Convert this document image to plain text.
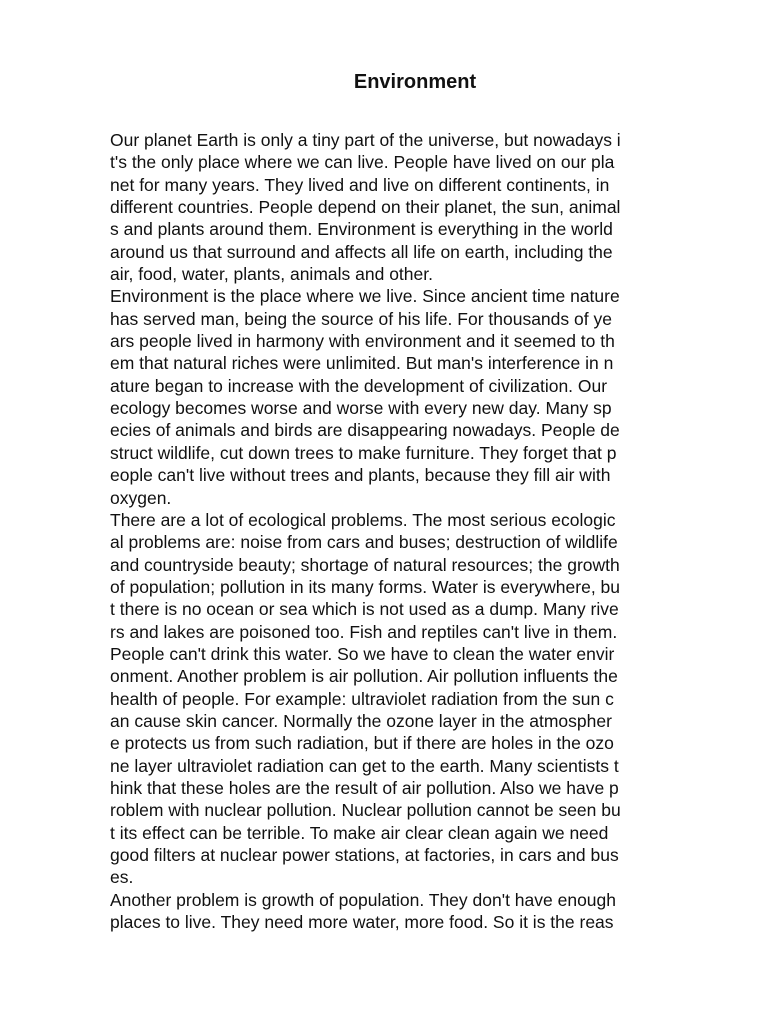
Environment
Our planet Earth is only a tiny part of the universe, but nowadays i
t's the only place where we can live. People have lived on our pla
net for many years. They lived and live on different continents, in
different countries. People depend on their planet, the sun, animal
s and plants around them. Environment is everything in the world
around us that surround and affects all life on earth, including the
air, food, water, plants, animals and other.
Environment is the place where we live. Since ancient time nature
has served man, being the source of his life. For thousands of ye
ars people lived in harmony with environment and it seemed to th
em that natural riches were unlimited. But man's interference in n
ature began to increase with the development of civilization. Our
ecology becomes worse and worse with every new day. Many sp
ecies of animals and birds are disappearing nowadays. People de
struct wildlife, cut down trees to make furniture. They forget that p
eople can't live without trees and plants, because they fill air with
oxygen.
There are a lot of ecological problems. The most serious ecologic
al problems are: noise from cars and buses; destruction of wildlife
and countryside beauty; shortage of natural resources; the growth
of population; pollution in its many forms. Water is everywhere, bu
t there is no ocean or sea which is not used as a dump. Many rive
rs and lakes are poisoned too. Fish and reptiles can't live in them.
People can't drink this water. So we have to clean the water envir
onment. Another problem is air pollution. Air pollution influents the
health of people. For example: ultraviolet radiation from the sun c
an cause skin cancer. Normally the ozone layer in the atmospher
e protects us from such radiation, but if there are holes in the ozo
ne layer ultraviolet radiation can get to the earth. Many scientists t
hink that these holes are the result of air pollution. Also we have p
roblem with nuclear pollution. Nuclear pollution cannot be seen bu
t its effect can be terrible. To make air clear clean again we need
good filters at nuclear power stations, at factories, in cars and bus
es.
Another problem is growth of population. They don't have enough
places to live. They need more water, more food. So it is the reas
